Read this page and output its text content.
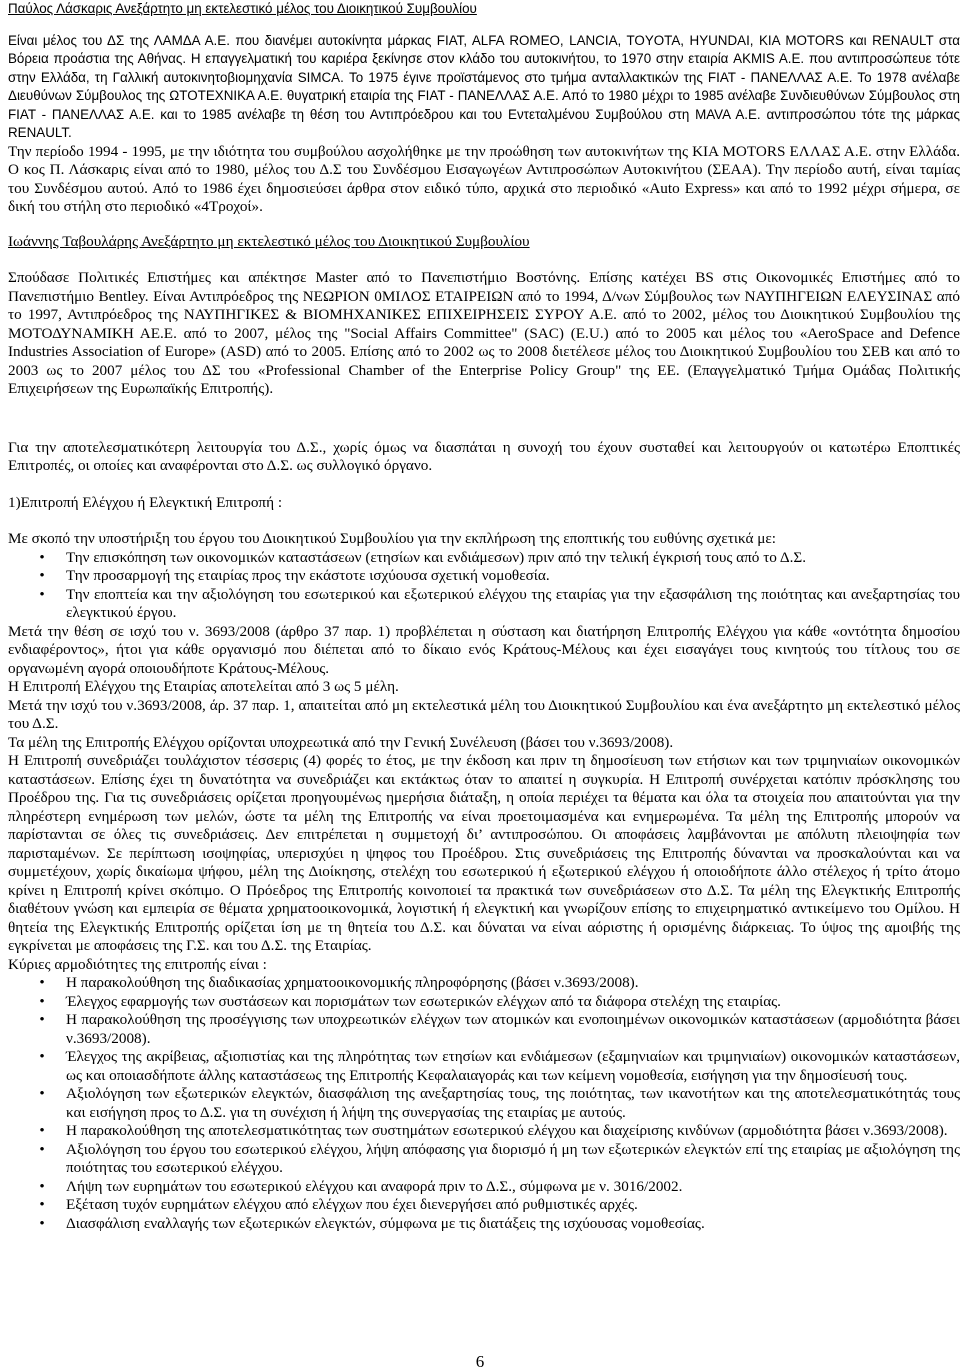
Παύλος Λάσκαρις Ανεξάρτητο μη εκτελεστικό μέλος του Διοικητικού Συμβουλίου

Είναι μέλος του ΔΣ της ΛΑΜΔΑ Α.Ε. που διανέμει αυτοκίνητα μάρκας FIAT, ALFA ROMEO, LANCIA, TOYOTA, HYUNDAI, KIA MOTORS και RENAULT στα Βόρεια προάστια της Αθήνας. Η επαγγελματική του καριέρα ξεκίνησε στον κλάδο του αυτοκινήτου, το 1970 στην εταιρία AKMIS A.E. που αντιπροσώπευε τότε στην Ελλάδα, τη Γαλλική αυτοκινητοβιομηχανία SIMCA. Το 1975 έγινε προϊστάμενος στο τμήμα ανταλλακτικών της FIAT - ΠΑΝΕΛΛΑΣ Α.Ε. Το 1978 ανέλαβε Διευθύνων Σύμβουλος της ΩΤΟΤΕΧΝΙΚΑ Α.Ε. θυγατρική εταιρία της FIAT - ΠΑΝΕΛΛΑΣ Α.Ε. Από το 1980 μέχρι το 1985 ανέλαβε Συνδιευθύνων Σύμβουλος στη FIAT - ΠΑΝΕΛΛΑΣ Α.Ε. και το 1985 ανέλαβε τη θέση του Αντιπρόεδρου και του Εντεταλμένου Συμβούλου στη MAVA A.E. αντιπροσώπου τότε της μάρκας RENAULT.

Την περίοδο 1994 - 1995, με την ιδιότητα του συμβούλου ασχολήθηκε με την προώθηση των αυτοκινήτων της KIA MOTORS ΕΛΛΑΣ Α.Ε. στην Ελλάδα. Ο κος Π. Λάσκαρις είναι από το 1980, μέλος του Δ.Σ του Συνδέσμου Εισαγωγέων Αντιπροσώπων Αυτοκινήτου (ΣΕΑΑ). Την περίοδο αυτή, είναι ταμίας του Συνδέσμου αυτού. Από το 1986 έχει δημοσιεύσει άρθρα στον ειδικό τύπο, αρχικά στο περιοδικό «Auto Express» και από το 1992 μέχρι σήμερα, σε δική του στήλη στο περιοδικό «4Τροχοί».

Ιωάννης Ταβουλάρης Ανεξάρτητο μη εκτελεστικό μέλος του Διοικητικού Συμβουλίου

Σπούδασε Πολιτικές Επιστήμες και απέκτησε Master από το Πανεπιστήμιο Βοστόνης. Επίσης κατέχει BS στις Οικονομικές Επιστήμες από το Πανεπιστήμιο Bentley. Είναι Αντιπρόεδρος της ΝΕΩΡΙΟΝ 0ΜΙΛΟΣ ΕΤΑΙΡΕΙΩΝ από το 1994, Δ/νων Σύμβουλος των ΝΑΥΠΗΓΕΙΩΝ ΕΛΕΥΣΙΝΑΣ από το 1997, Αντιπρόεδρος της ΝΑΥΠΗΓΙΚΕΣ & ΒΙΟΜΗΧΑΝΙΚΕΣ ΕΠΙΧΕΙΡΗΣΕΙΣ ΣΥΡΟΥ Α.Ε. από το 2002, μέλος του Διοικητικού Συμβουλίου της ΜΟΤΟΔΥΝΑΜΙΚΗ ΑΕ.Ε. από το 2007, μέλος της "Social Affairs Committee" (SAC) (E.U.) από το 2005 και μέλος του «AeroSpace and Defence Industries Association of Europe» (ASD) από το 2005. Επίσης από το 2002 ως το 2008 διετέλεσε μέλος του Διοικητικού Συμβουλίου του ΣΕΒ και από το 2003 ως το 2007 μέλος του ΔΣ του «Professional Chamber of the Enterprise Policy Group" της ΕΕ. (Επαγγελματικό Τμήμα Ομάδας Πολιτικής Επιχειρήσεων της Ευρωπαϊκής Επιτροπής).

Για την αποτελεσματικότερη λειτουργία του Δ.Σ., χωρίς όμως να διασπάται η συνοχή του έχουν συσταθεί και λειτουργούν οι κατωτέρω Εποπτικές Επιτροπές, οι οποίες και αναφέρονται στο Δ.Σ. ως συλλογικό όργανο.

1)Επιτροπή Ελέγχου ή Ελεγκτική Επιτροπή :

Με σκοπό την υποστήριξη του έργου του Διοικητικού Συμβουλίου για την εκπλήρωση της εποπτικής του ευθύνης σχετικά με:

•	Την επισκόπηση των οικονομικών καταστάσεων (ετησίων και ενδιάμεσων) πριν από την τελική έγκρισή τους από το Δ.Σ.
•	Την προσαρμογή της εταιρίας προς την εκάστοτε ισχύουσα σχετική νομοθεσία.
•	Την εποπτεία και την αξιολόγηση του εσωτερικού και εξωτερικού ελέγχου της εταιρίας για την εξασφάλιση της ποιότητας και ανεξαρτησίας του ελεγκτικού έργου.

Μετά την θέση σε ισχύ του ν. 3693/2008 (άρθρο 37 παρ. 1) προβλέπεται η σύσταση και διατήρηση Επιτροπής Ελέγχου για κάθε «οντότητα δημοσίου ενδιαφέροντος», ήτοι για κάθε οργανισμό που διέπεται από το δίκαιο ενός Κράτους-Μέλους και έχει εισαγάγει τους κινητούς του τίτλους του σε οργανωμένη αγορά οποιουδήποτε Κράτους-Μέλους.

Η Επιτροπή Ελέγχου της Εταιρίας αποτελείται από 3 ως 5 μέλη.

Μετά την ισχύ του ν.3693/2008, άρ. 37 παρ. 1, απαιτείται από μη εκτελεστικά μέλη του Διοικητικού Συμβουλίου και ένα ανεξάρτητο μη εκτελεστικό μέλος του Δ.Σ.

Τα μέλη της Επιτροπής Ελέγχου ορίζονται υποχρεωτικά από την Γενική Συνέλευση (βάσει του ν.3693/2008).

Η Επιτροπή συνεδριάζει τουλάχιστον τέσσερις (4) φορές το έτος, με την έκδοση και πριν τη δημοσίευση των ετήσιων και των τριμηνιαίων οικονομικών καταστάσεων. Επίσης έχει τη δυνατότητα να συνεδριάζει και εκτάκτως όταν το απαιτεί η συγκυρία. Η Επιτροπή συνέρχεται κατόπιν πρόσκλησης του Προέδρου της. Για τις συνεδριάσεις ορίζεται προηγουμένως ημερήσια διάταξη, η οποία περιέχει τα θέματα και όλα τα στοιχεία που απαιτούνται για την πληρέστερη ενημέρωση των μελών, ώστε τα μέλη της Επιτροπής να είναι προετοιμασμένα και ενημερωμένα. Τα μέλη της Επιτροπής μπορούν να παρίστανται σε όλες τις συνεδριάσεις. Δεν επιτρέπεται η συμμετοχή δι’ αντιπροσώπου. Οι αποφάσεις λαμβάνονται με απόλυτη πλειοψηφία των παρισταμένων. Σε περίπτωση ισοψηφίας, υπερισχύει η ψηφος του Προέδρου. Στις συνεδριάσεις της Επιτροπής δύνανται να προσκαλούνται και να συμμετέχουν, χωρίς δικαίωμα ψήφου, μέλη της Διοίκησης, στελέχη του εσωτερικού ή εξωτερικού ελέγχου ή οποιοδήποτε άλλο στέλεχος ή τρίτο άτομο κρίνει η Επιτροπή κρίνει σκόπιμο. Ο Πρόεδρος της Επιτροπής κοινοποιεί τα πρακτικά των συνεδριάσεων στο Δ.Σ. Τα μέλη της Ελεγκτικής Επιτροπής διαθέτουν γνώση και εμπειρία σε θέματα χρηματοοικονομικά, λογιστική ή ελεγκτική και γνωρίζουν επίσης το επιχειρηματικό αντικείμενο του Ομίλου. Η θητεία της Ελεγκτικής Επιτροπής ορίζεται ίση με τη θητεία του Δ.Σ. και δύναται να είναι αόριστης ή ορισμένης διάρκειας. Το ύψος της αμοιβής της εγκρίνεται με αποφάσεις της Γ.Σ. και του Δ.Σ. της Εταιρίας.

Κύριες αρμοδιότητες της επιτροπής είναι :

•	Η παρακολούθηση της διαδικασίας χρηματοοικονομικής πληροφόρησης (βάσει ν.3693/2008).
•	Έλεγχος εφαρμογής των συστάσεων και πορισμάτων των εσωτερικών ελέγχων από τα διάφορα στελέχη της εταιρίας.
•	Η παρακολούθηση της προσέγγισης των υποχρεωτικών ελέγχων των ατομικών και ενοποιημένων οικονομικών καταστάσεων (αρμοδιότητα βάσει ν.3693/2008).
•	Έλεγχος της ακρίβειας, αξιοπιστίας και της πληρότητας των ετησίων και ενδιάμεσων (εξαμηνιαίων και τριμηνιαίων) οικονομικών καταστάσεων, ως και οποιασδήποτε άλλης καταστάσεως της Επιτροπής Κεφαλαιαγοράς και των κείμενη νομοθεσία, εισήγηση για την δημοσίευσή τους.
•	Αξιολόγηση των εξωτερικών ελεγκτών, διασφάλιση της ανεξαρτησίας τους, της ποιότητας, των ικανοτήτων και της αποτελεσματικότητάς τους και εισήγηση προς το Δ.Σ. για τη συνέχιση ή λήψη της συνεργασίας της εταιρίας με αυτούς.
•	Η παρακολούθηση της αποτελεσματικότητας των συστημάτων εσωτερικού ελέγχου και διαχείρισης κινδύνων (αρμοδιότητα βάσει ν.3693/2008).
•	Αξιολόγηση του έργου του εσωτερικού ελέγχου, λήψη απόφασης για διορισμό ή μη των εξωτερικών ελεγκτών επί της εταιρίας με αξιολόγηση της ποιότητας του εσωτερικού ελέγχου.
•	Λήψη των ευρημάτων του εσωτερικού ελέγχου και αναφορά πριν το Δ.Σ., σύμφωνα με ν. 3016/2002.
•	Εξέταση τυχόν ευρημάτων ελέγχου από ελέγχων που έχει διενεργήσει από ρυθμιστικές αρχές.
•	Διασφάλιση εναλλαγής των εξωτερικών ελεγκτών, σύμφωνα με τις διατάξεις της ισχύουσας νομοθεσίας.
6
